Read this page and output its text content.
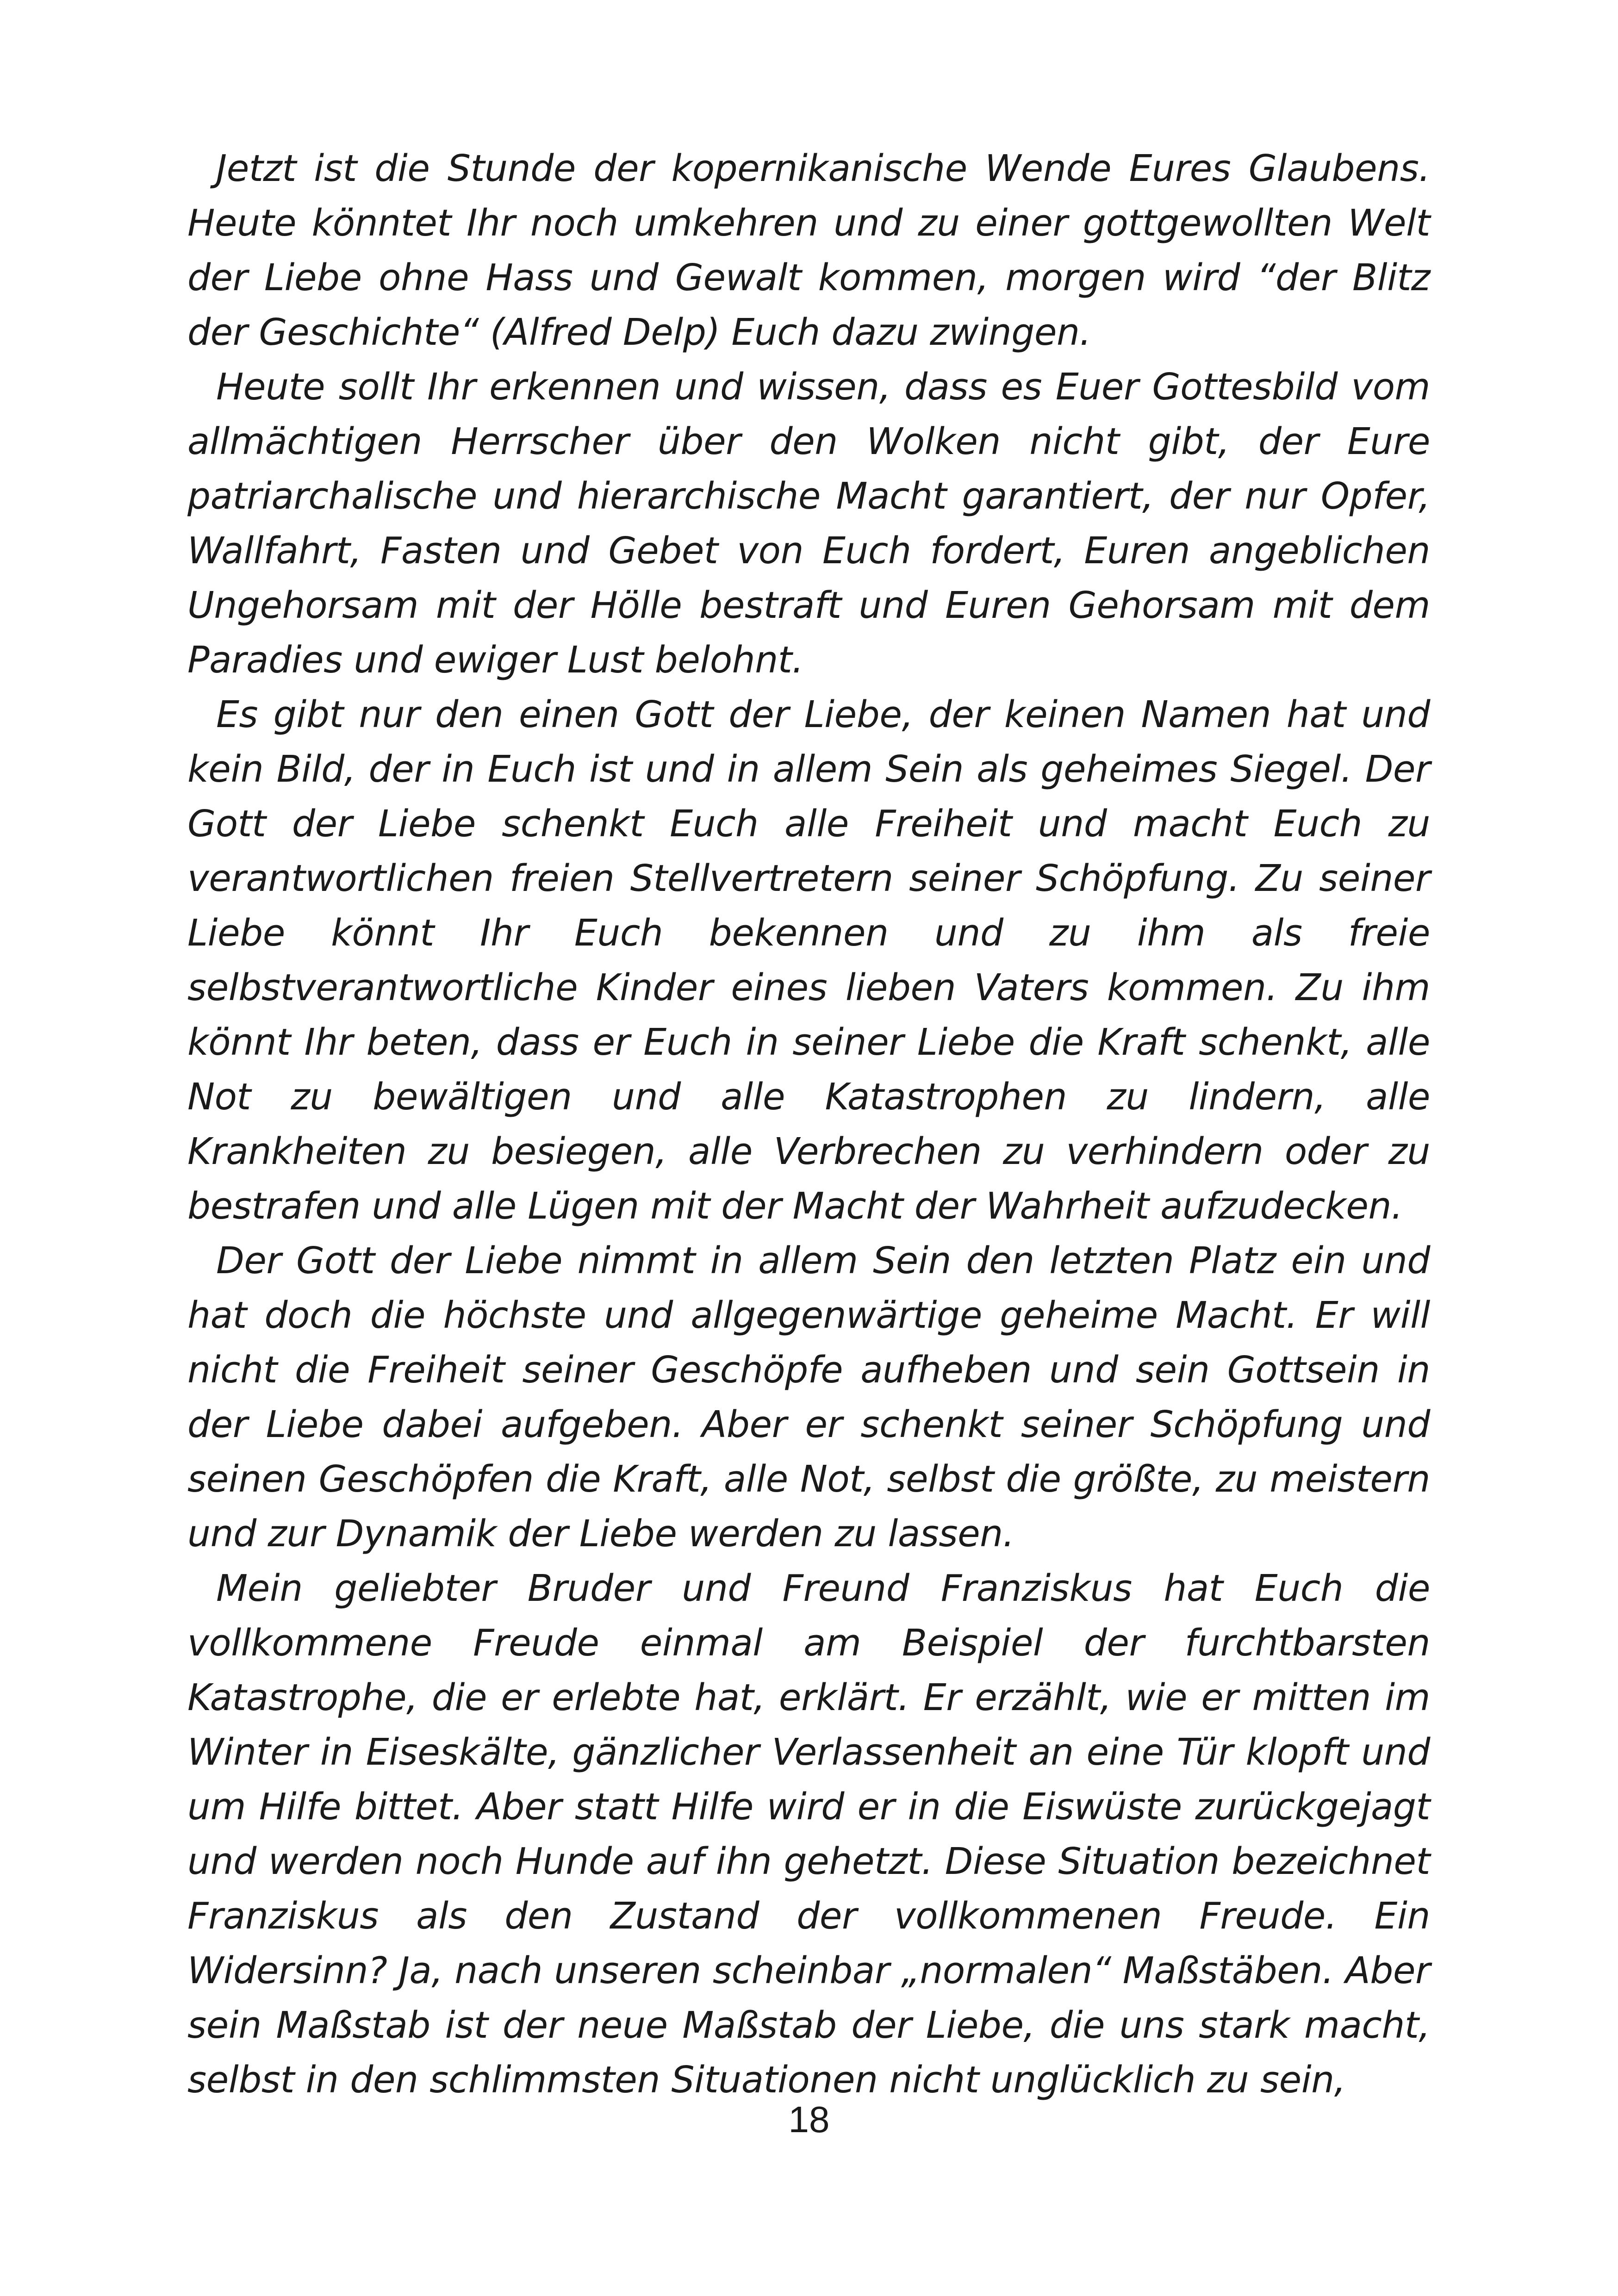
Jetzt ist die Stunde der kopernikanische Wende Eures Glaubens. Heute könntet Ihr noch umkehren und zu einer gottgewollten Welt der Liebe ohne Hass und Gewalt kommen, morgen wird “der Blitz der Geschichte“ (Alfred Delp) Euch dazu zwingen.

Heute sollt Ihr erkennen und wissen, dass es Euer Gottesbild vom allmächtigen Herrscher über den Wolken nicht gibt, der Eure patriarchalische und hierarchische Macht garantiert, der nur Opfer, Wallfahrt, Fasten und Gebet von Euch fordert, Euren angeblichen Ungehorsam mit der Hölle bestraft und Euren Gehorsam mit dem Paradies und ewiger Lust belohnt.

Es gibt nur den einen Gott der Liebe, der keinen Namen hat und kein Bild, der in Euch ist und in allem Sein als geheimes Siegel. Der Gott der Liebe schenkt Euch alle Freiheit und macht Euch zu verantwortlichen freien Stellvertretern seiner Schöpfung. Zu seiner Liebe könnt Ihr Euch bekennen und zu ihm als freie selbstverantwortliche Kinder eines lieben Vaters kommen. Zu ihm könnt Ihr beten, dass er Euch in seiner Liebe die Kraft schenkt, alle Not zu bewältigen und alle Katastrophen zu lindern, alle Krankheiten zu besiegen, alle Verbrechen zu verhindern oder zu bestrafen und alle Lügen mit der Macht der Wahrheit aufzudecken.

Der Gott der Liebe nimmt in allem Sein den letzten Platz ein und hat doch die höchste und allgegenwärtige geheime Macht. Er will nicht die Freiheit seiner Geschöpfe aufheben und sein Gottsein in der Liebe dabei aufgeben. Aber er schenkt seiner Schöpfung und seinen Geschöpfen die Kraft, alle Not, selbst die größte, zu meistern und zur Dynamik der Liebe werden zu lassen.

Mein geliebter Bruder und Freund Franziskus hat Euch die vollkommene Freude einmal am Beispiel der furchtbarsten Katastrophe, die er erlebte hat, erklärt. Er erzählt, wie er mitten im Winter in Eiseskälte, gänzlicher Verlassenheit an eine Tür klopft und um Hilfe bittet. Aber statt Hilfe wird er in die Eiswüste zurückgejagt und werden noch Hunde auf ihn gehetzt. Diese Situation bezeichnet Franziskus als den Zustand der vollkommenen Freude. Ein Widersinn? Ja, nach unseren scheinbar „normalen“ Maßstäben. Aber sein Maßstab ist der neue Maßstab der Liebe, die uns stark macht, selbst in den schlimmsten Situationen nicht unglücklich zu sein,

18
